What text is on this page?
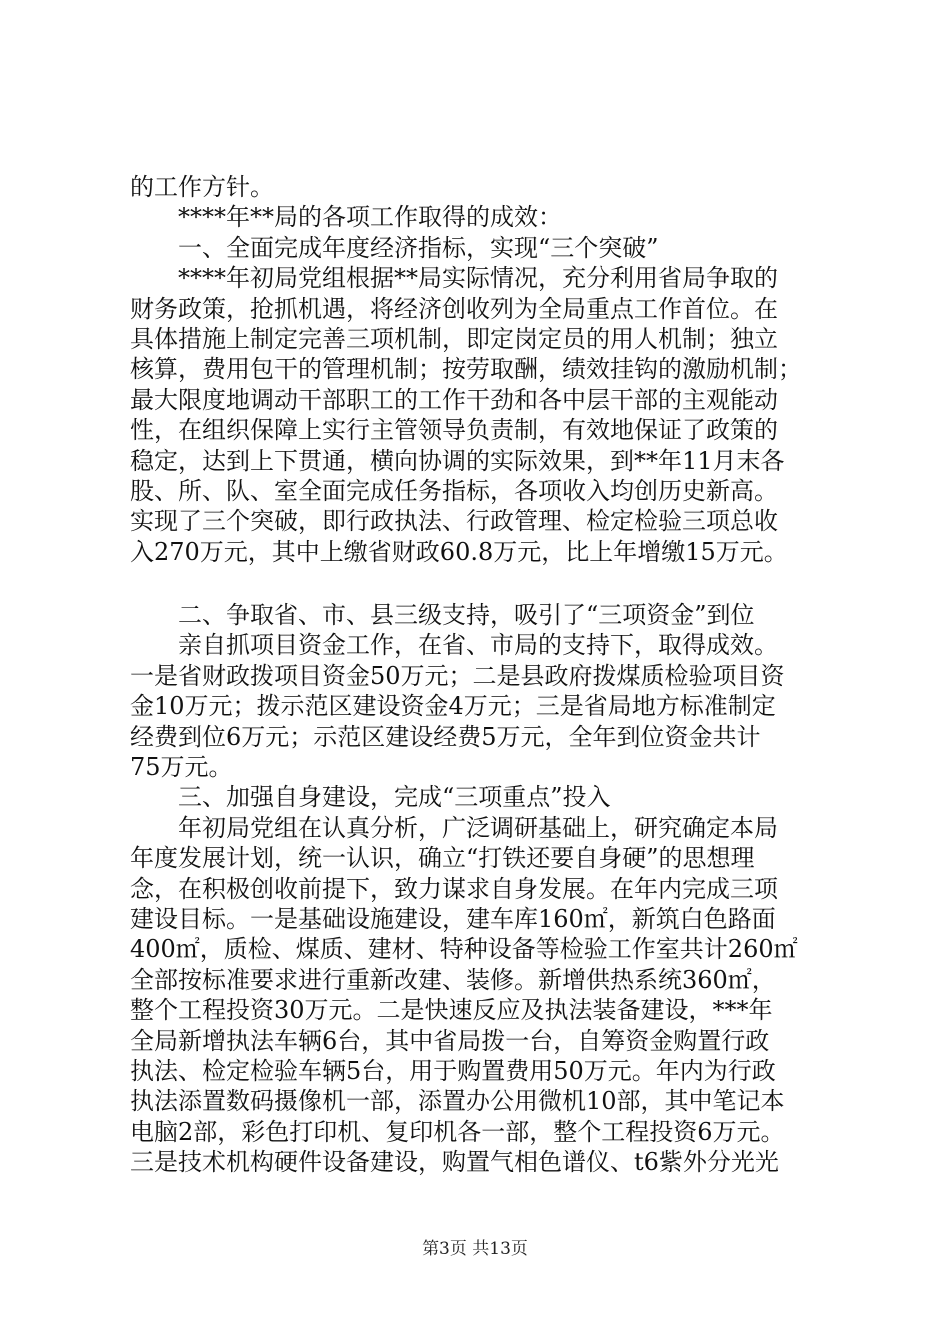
的工作方针。
****年**局的各项工作取得的成效：
一、全面完成年度经济指标，实现“三个突破”
****年初局党组根据**局实际情况，充分利用省局争取的
财务政策，抢抓机遇，将经济创收列为全局重点工作首位。在
具体措施上制定完善三项机制，即定岗定员的用人机制；独立
核算，费用包干的管理机制；按劳取酬，绩效挂钩的激励机制；
最大限度地调动干部职工的工作干劲和各中层干部的主观能动
性，在组织保障上实行主管领导负责制，有效地保证了政策的
稳定，达到上下贯通，横向协调的实际效果，到**年11月末各
股、所、队、室全面完成任务指标，各项收入均创历史新高。
实现了三个突破，即行政执法、行政管理、检定检验三项总收
入270万元，其中上缴省财政60.8万元，比上年增缴15万元。
二、争取省、市、县三级支持，吸引了“三项资金”到位
亲自抓项目资金工作，在省、市局的支持下，取得成效。
一是省财政拨项目资金50万元；二是县政府拨煤质检验项目资
金10万元；拨示范区建设资金4万元；三是省局地方标准制定
经费到位6万元；示范区建设经费5万元，全年到位资金共计
75万元。
三、加强自身建设，完成“三项重点”投入
年初局党组在认真分析，广泛调研基础上，研究确定本局
年度发展计划，统一认识，确立“打铁还要自身硬”的思想理
念，在积极创收前提下，致力谋求自身发展。在年内完成三项
建设目标。一是基础设施建设，建车库160㎡，新筑白色路面
400㎡，质检、煤质、建材、特种设备等检验工作室共计260㎡
全部按标准要求进行重新改建、装修。新增供热系统360㎡，
整个工程投资30万元。二是快速反应及执法装备建设，***年
全局新增执法车辆6台，其中省局拨一台，自筹资金购置行政
执法、检定检验车辆5台，用于购置费用50万元。年内为行政
执法添置数码摄像机一部，添置办公用微机10部，其中笔记本
电脑2部，彩色打印机、复印机各一部，整个工程投资6万元。
三是技术机构硬件设备建设，购置气相色谱仪、t6紫外分光光
第3页 共13页
